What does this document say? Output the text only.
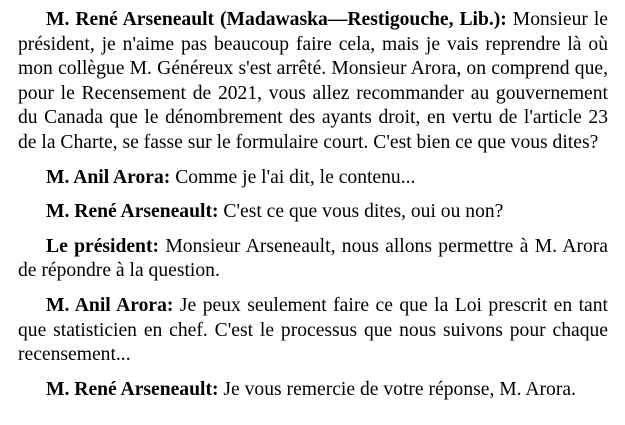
M. René Arseneault (Madawaska—Restigouche, Lib.): Monsieur le président, je n'aime pas beaucoup faire cela, mais je vais reprendre là où mon collègue M. Généreux s'est arrêté. Monsieur Arora, on comprend que, pour le Recensement de 2021, vous allez recommander au gouvernement du Canada que le dénombrement des ayants droit, en vertu de l'article 23 de la Charte, se fasse sur le formulaire court. C'est bien ce que vous dites?

M. Anil Arora: Comme je l'ai dit, le contenu...

M. René Arseneault: C'est ce que vous dites, oui ou non?

Le président: Monsieur Arseneault, nous allons permettre à M. Arora de répondre à la question.

M. Anil Arora: Je peux seulement faire ce que la Loi prescrit en tant que statisticien en chef. C'est le processus que nous suivons pour chaque recensement...

M. René Arseneault: Je vous remercie de votre réponse, M. Arora.
